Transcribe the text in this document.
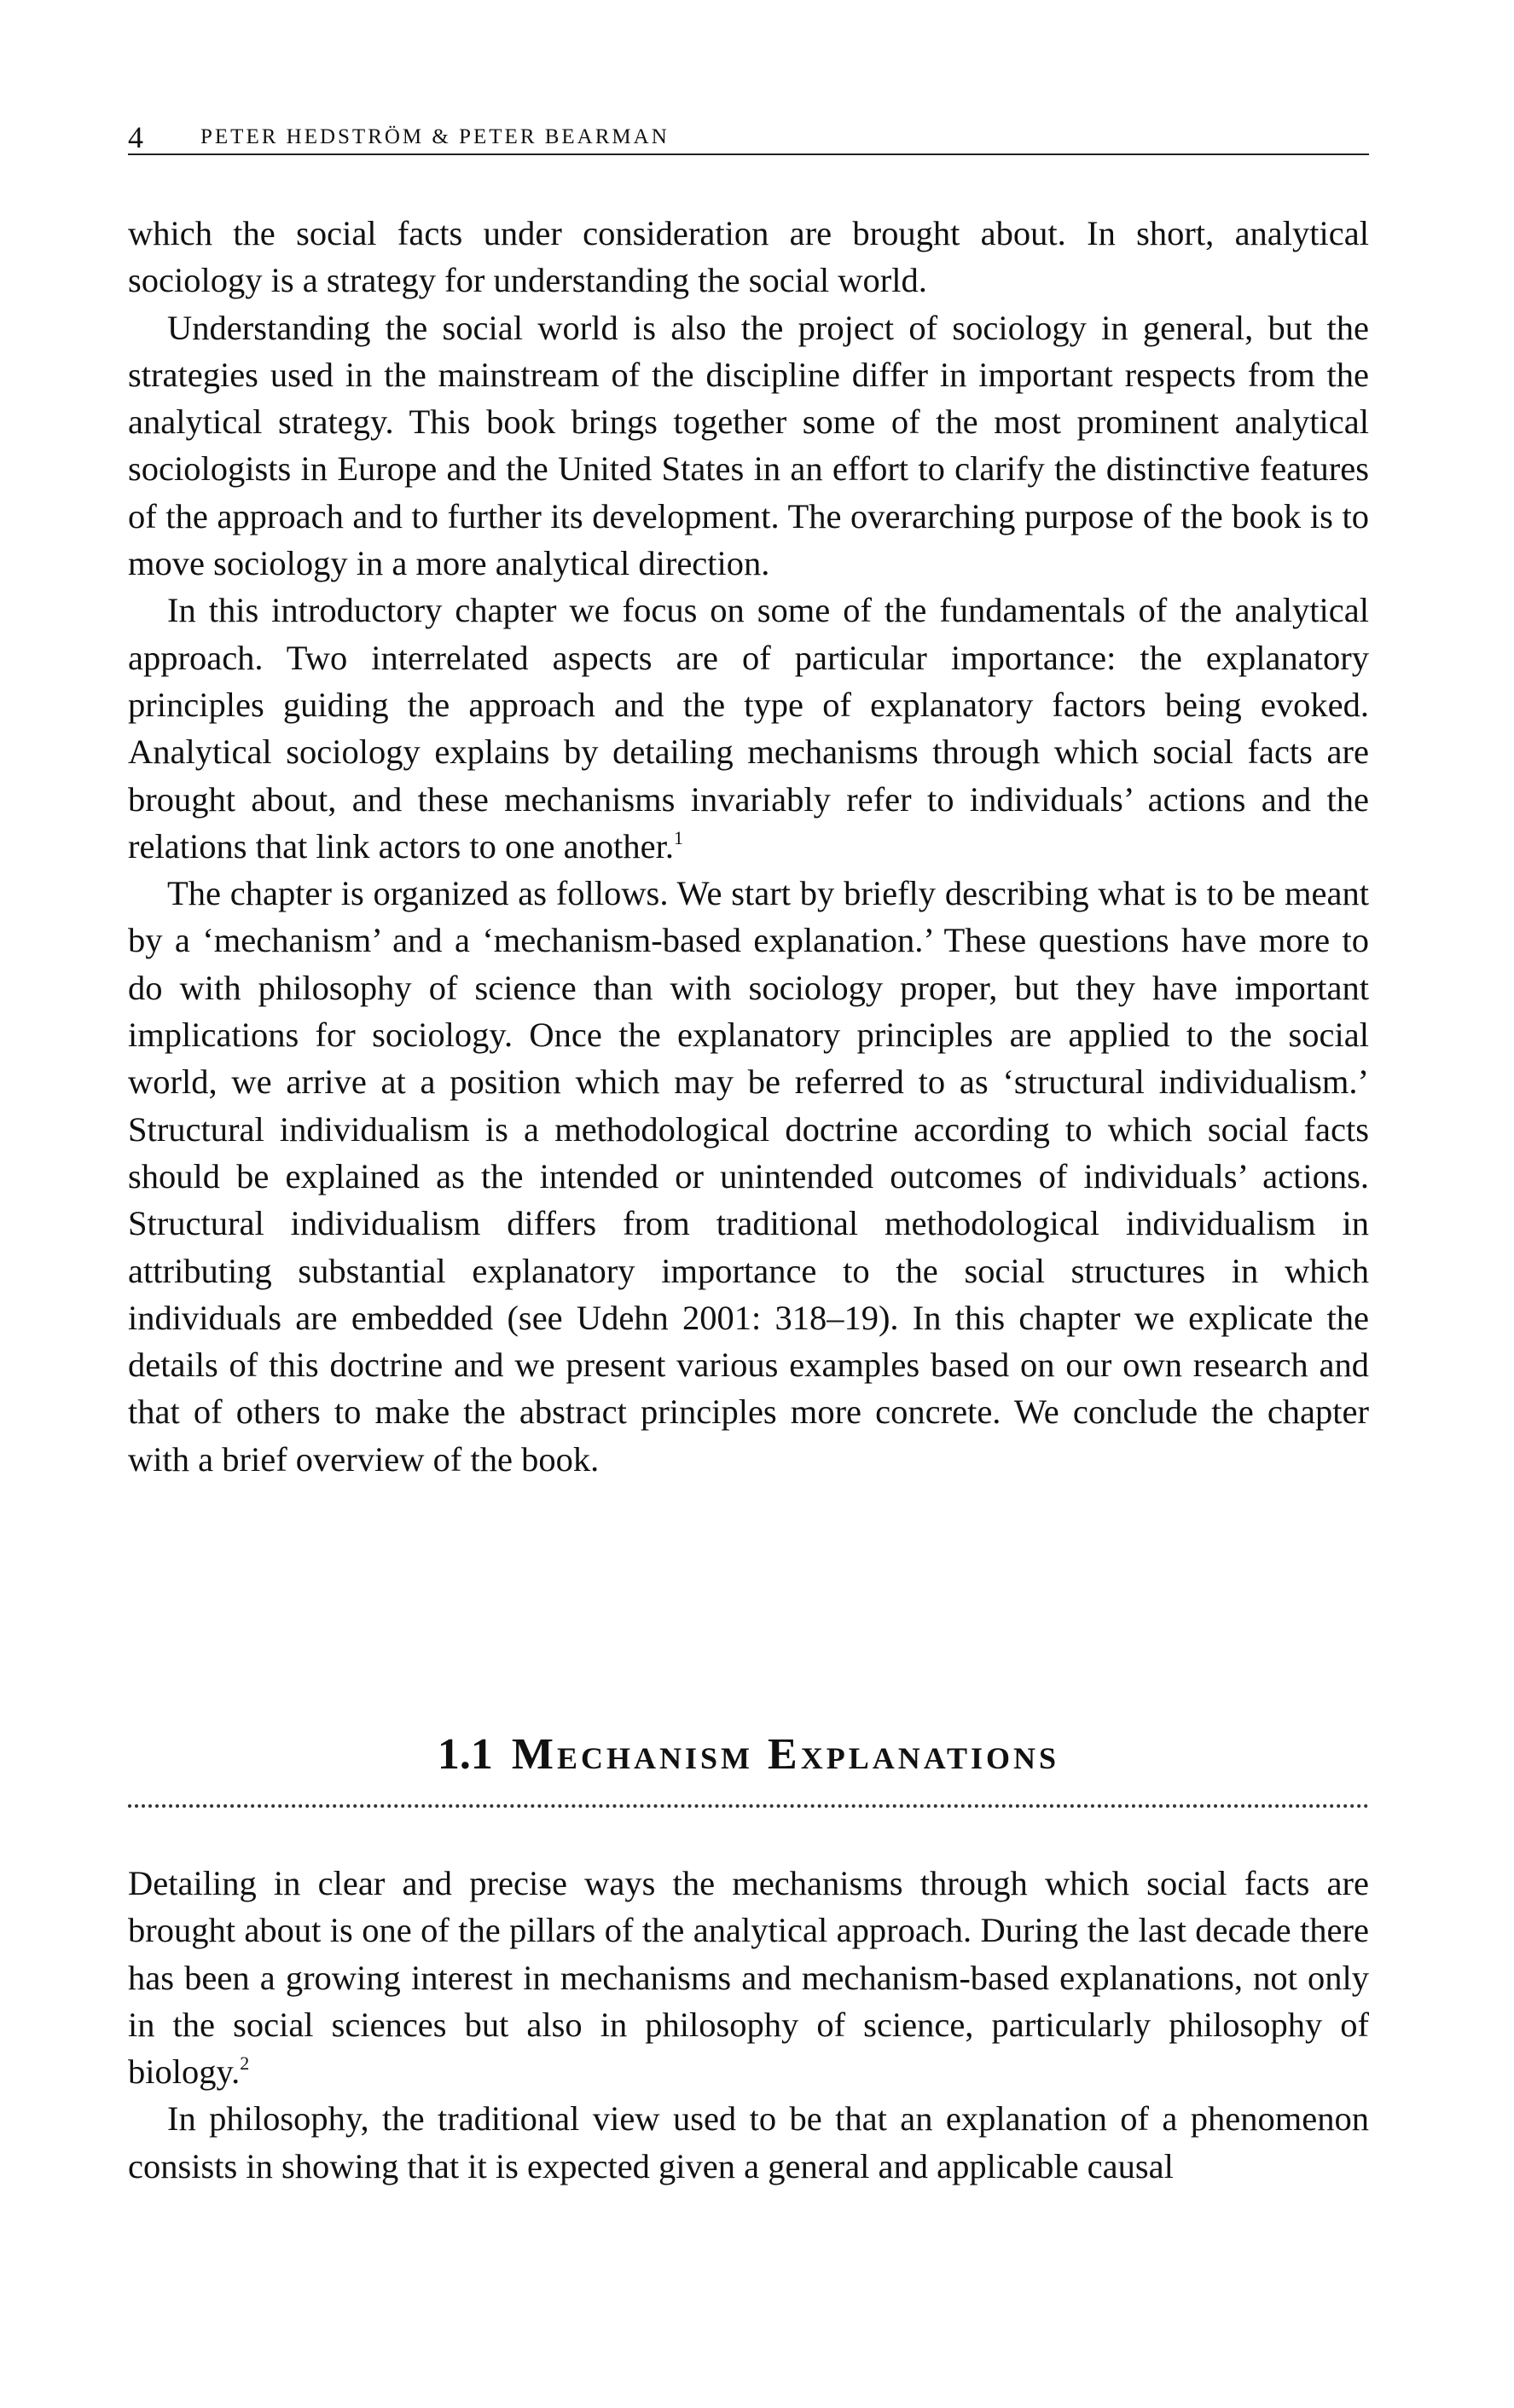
4	PETER HEDSTRÖM & PETER BEARMAN

which the social facts under consideration are brought about. In short, analytical sociology is a strategy for understanding the social world.

Understanding the social world is also the project of sociology in general, but the strategies used in the mainstream of the discipline differ in important respects from the analytical strategy. This book brings together some of the most prominent analytical sociologists in Europe and the United States in an effort to clarify the distinctive features of the approach and to further its development. The overarching purpose of the book is to move sociology in a more analytical direction.

In this introductory chapter we focus on some of the fundamentals of the analytical approach. Two interrelated aspects are of particular importance: the explanatory principles guiding the approach and the type of explanatory factors being evoked. Analytical sociology explains by detailing mechanisms through which social facts are brought about, and these mechanisms invariably refer to individuals’ actions and the relations that link actors to one another.$^1$

The chapter is organized as follows. We start by briefly describing what is to be meant by a ‘mechanism’ and a ‘mechanism-based explanation.’ These questions have more to do with philosophy of science than with sociology proper, but they have important implications for sociology. Once the explanatory principles are applied to the social world, we arrive at a position which may be referred to as ‘structural individualism.’ Structural individualism is a methodological doctrine according to which social facts should be explained as the intended or unintended outcomes of individuals’ actions. Structural individualism differs from traditional methodological individualism in attributing substantial explanatory importance to the social structures in which individuals are embedded (see Udehn 2001: 318–19). In this chapter we explicate the details of this doctrine and we present various examples based on our own research and that of others to make the abstract principles more concrete. We conclude the chapter with a brief overview of the book.

1.1 Mechanism Explanations

Detailing in clear and precise ways the mechanisms through which social facts are brought about is one of the pillars of the analytical approach. During the last decade there has been a growing interest in mechanisms and mechanism-based explanations, not only in the social sciences but also in philosophy of science, particularly philosophy of biology.$^2$

In philosophy, the traditional view used to be that an explanation of a phenomenon consists in showing that it is expected given a general and applicable causal
